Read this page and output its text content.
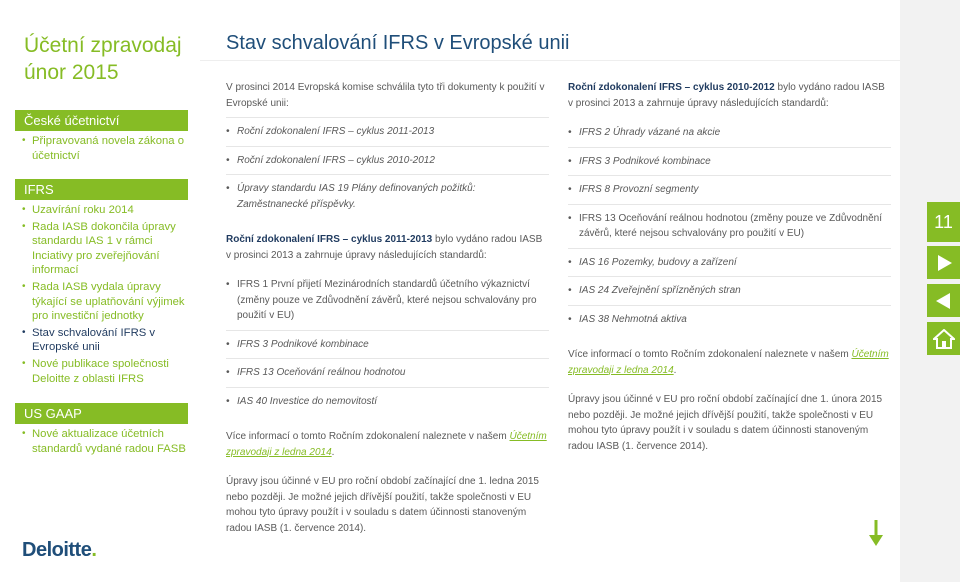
Účetní zpravodaj
únor 2015
České účetnictví
• Připravovaná novela zákona o účetnictví
IFRS
• Uzavírání roku 2014
• Rada IASB dokončila úpravy standardu IAS 1 v rámci Inciativy pro zveřejňování informací
• Rada IASB vydala úpravy týkající se uplatňování výjimek pro investiční jednotky
• Stav schvalování IFRS v Evropské unii
• Nové publikace společnosti Deloitte z oblasti IFRS
US GAAP
• Nové aktualizace účetních standardů vydané radou FASB
Deloitte.
Stav schvalování IFRS v Evropské unii

V prosinci 2014 Evropská komise schválila tyto tři dokumenty k použití v Evropské unii:

• Roční zdokonalení IFRS – cyklus 2011-2013
• Roční zdokonalení IFRS – cyklus 2010-2012
• Úpravy standardu IAS 19 Plány definovaných požitků: Zaměstnanecké příspěvky.

Roční zdokonalení IFRS – cyklus 2011-2013 bylo vydáno radou IASB v prosinci 2013 a zahrnuje úpravy následujících standardů:

• IFRS 1 První přijetí Mezinárodních standardů účetního výkaznictví (změny pouze ve Zdůvodnění závěrů, které nejsou schvalovány pro použití v EU)
• IFRS 3 Podnikové kombinace
• IFRS 13 Oceňování reálnou hodnotou
• IAS 40 Investice do nemovitostí

Více informací o tomto Ročním zdokonalení naleznete v našem Účetním zpravodaji z ledna 2014.

Úpravy jsou účinné v EU pro roční období začínající dne 1. ledna 2015 nebo později. Je možné jejich dřívější použití, takže společnosti v EU mohou tyto úpravy použít i v souladu s datem účinnosti stanoveným radou IASB (1. července 2014).

Roční zdokonalení IFRS – cyklus 2010-2012 bylo vydáno radou IASB v prosinci 2013 a zahrnuje úpravy následujících standardů:

• IFRS 2 Úhrady vázané na akcie
• IFRS 3 Podnikové kombinace
• IFRS 8 Provozní segmenty
• IFRS 13 Oceňování reálnou hodnotou (změny pouze ve Zdůvodnění závěrů, které nejsou schvalovány pro použití v EU)
• IAS 16 Pozemky, budovy a zařízení
• IAS 24 Zveřejnění spřízněných stran
• IAS 38 Nehmotná aktiva

Více informací o tomto Ročním zdokonalení naleznete v našem Účetním zpravodaji z ledna 2014.

Úpravy jsou účinné v EU pro roční období začínající dne 1. února 2015 nebo později. Je možné jejich dřívější použití, takže společnosti v EU mohou tyto úpravy použít i v souladu s datem účinnosti stanoveným radou IASB (1. července 2014).

11
